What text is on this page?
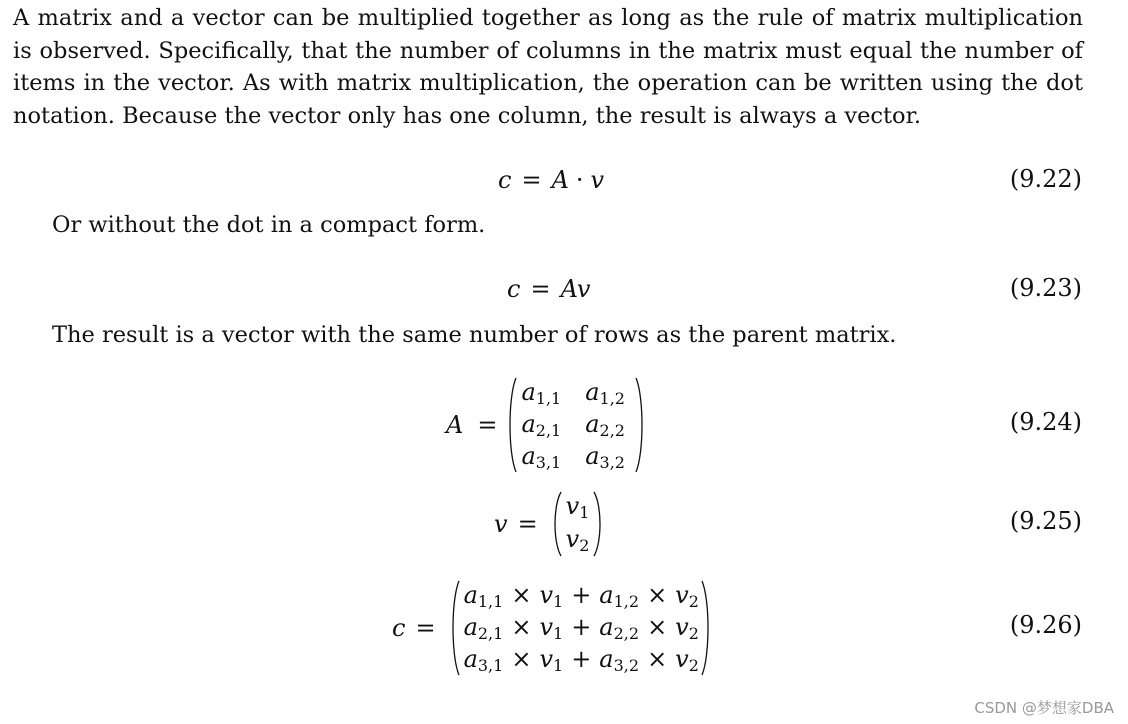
A matrix and a vector can be multiplied together as long as the rule of matrix multiplication is observed. Specifically, that the number of columns in the matrix must equal the number of items in the vector. As with matrix multiplication, the operation can be written using the dot notation. Because the vector only has one column, the result is always a vector.

c = A · v	(9.22)

Or without the dot in a compact form.

c = Av	(9.23)

The result is a vector with the same number of rows as the parent matrix.

A =
$a_{1,1}$	$a_{1,2}$
$a_{2,1}$	$a_{2,2}$
$a_{3,1}$	$a_{3,2}$
(9.24)
v =
$v_1$
$v_2$
(9.25)
c =
$a_{1,1} \times v_1 + a_{1,2} \times v_2$
$a_{2,1} \times v_1 + a_{2,2} \times v_2$
$a_{3,1} \times v_1 + a_{3,2} \times v_2$
(9.26)
CSDN @梦想家DBA
